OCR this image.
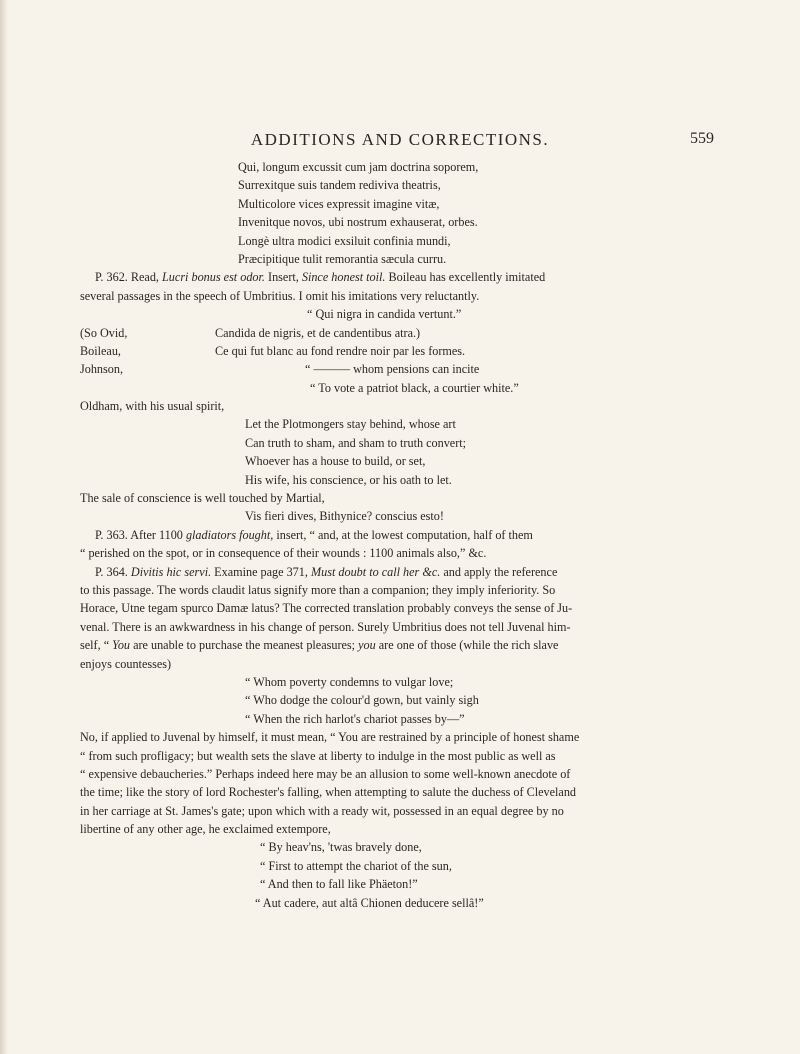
ADDITIONS AND CORRECTIONS.	559
Qui, longum excussit cum jam doctrina soporem,
Surrexitque suis tandem rediviva theatris,
Multicolore vices expressit imagine vitæ,
Invenitque novos, ubi nostrum exhauserat, orbes.
Longè ultra modici exsiluit confinia mundi,
Præcipitique tulit remorantia sæcula curru.
P. 362. Read, Lucri bonus est odor. Insert, Since honest toil. Boileau has excellently imitated
several passages in the speech of Umbritius. I omit his imitations very reluctantly.
“ Qui nigra in candida vertunt.”
(So Ovid,	Candida de nigris, et de candentibus atra.)
Boileau,	Ce qui fut blanc au fond rendre noir par les formes.
Johnson,	“ ——— whom pensions can incite
“ To vote a patriot black, a courtier white.”
Oldham, with his usual spirit,
Let the Plotmongers stay behind, whose art
Can truth to sham, and sham to truth convert;
Whoever has a house to build, or set,
His wife, his conscience, or his oath to let.
The sale of conscience is well touched by Martial,
Vis fieri dives, Bithynice? conscius esto!
P. 363. After 1100 gladiators fought, insert, “ and, at the lowest computation, half of them
“ perished on the spot, or in consequence of their wounds : 1100 animals also,” &c.
P. 364. Divitis hic servi. Examine page 371, Must doubt to call her &c. and apply the reference
to this passage. The words claudit latus signify more than a companion; they imply inferiority. So
Horace, Utne tegam spurco Damæ latus? The corrected translation probably conveys the sense of Ju-
venal. There is an awkwardness in his change of person. Surely Umbritius does not tell Juvenal him-
self, “ You are unable to purchase the meanest pleasures; you are one of those (while the rich slave
enjoys countesses)
“ Whom poverty condemns to vulgar love;
“ Who dodge the colour'd gown, but vainly sigh
“ When the rich harlot's chariot passes by—”
No, if applied to Juvenal by himself, it must mean, “ You are restrained by a principle of honest shame
“ from such profligacy; but wealth sets the slave at liberty to indulge in the most public as well as
“ expensive debaucheries.” Perhaps indeed here may be an allusion to some well-known anecdote of
the time; like the story of lord Rochester's falling, when attempting to salute the duchess of Cleveland
in her carriage at St. James's gate; upon which with a ready wit, possessed in an equal degree by no
libertine of any other age, he exclaimed extempore,
“ By heav'ns, 'twas bravely done,
“ First to attempt the chariot of the sun,
“ And then to fall like Phäeton!”
“ Aut cadere, aut altâ Chionen deducere sellâ!”
